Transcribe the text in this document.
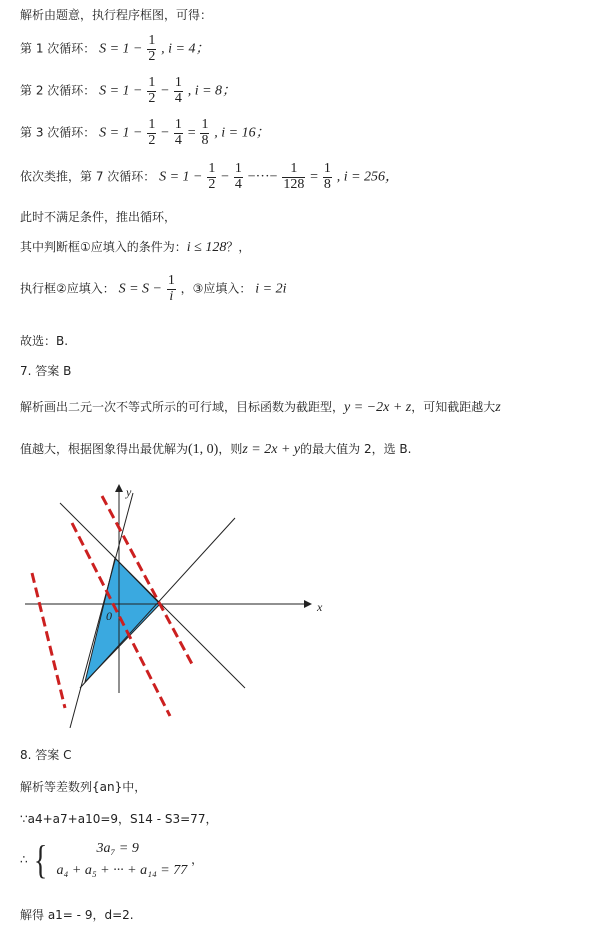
解析由题意，执行程序框图，可得：
第 1 次循环： $S = 1 - \frac{1}{2}$ , i = 4；
第 2 次循环： $S = 1 - \frac{1}{2} - \frac{1}{4}$ , i = 8；
第 3 次循环： $S = 1 - \frac{1}{2} - \frac{1}{4} = \frac{1}{8}$ , i = 16；
依次类推，第 7 次循环： $S = 1 - \frac{1}{2} - \frac{1}{4}$ −···− $\frac{1}{128} = \frac{1}{8}$ , i = 256，
此时不满足条件，推出循环，
其中判断框①应填入的条件为：i ≤ 128？，
执行框②应填入： $S = S - \frac{1}{i}$ ，③应填入： i = 2i
故选：B.
7. 答案 B
解析画出二元一次不等式所示的可行域，目标函数为截距型，y = −2x + z，可知截距越大z
值越大，根据图象得出最优解为(1, 0)，则z = 2x + y的最大值为 2，选 B.
x
y
0
8. 答案 C
解析等差数列{an}中，
∵a4+a7+a10=9，S14 - S3=77，
∴ {	3a₇ = 9
a₄ + a₅ + ··· + a₁₄ = 77
，
解得 a1= - 9，d=2.
